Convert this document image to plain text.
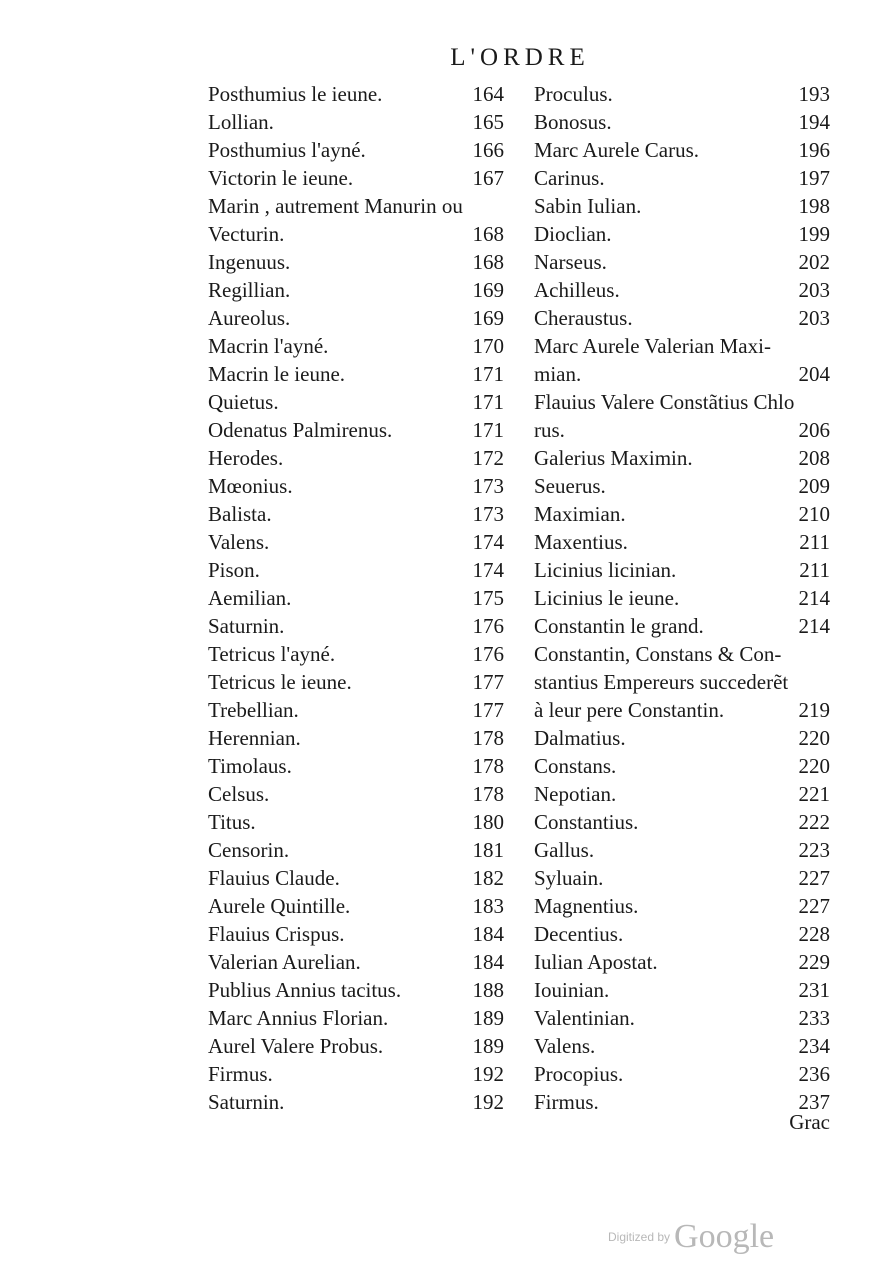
L'ORDRE
Posthumius le ieune.	164
Lollian.	165
Posthumius l'ayné.	166
Victorin le ieune.	167
Marin , autrement Manurin ou
Vecturin.	168
Ingenuus.	168
Regillian.	169
Aureolus.	169
Macrin l'ayné.	170
Macrin le ieune.	171
Quietus.	171
Odenatus Palmirenus.	171
Herodes.	172
Mœonius.	173
Balista.	173
Valens.	174
Pison.	174
Aemilian.	175
Saturnin.	176
Tetricus l'ayné.	176
Tetricus le ieune.	177
Trebellian.	177
Herennian.	178
Timolaus.	178
Celsus.	178
Titus.	180
Censorin.	181
Flauius Claude.	182
Aurele Quintille.	183
Flauius Crispus.	184
Valerian Aurelian.	184
Publius Annius tacitus.	188
Marc Annius Florian.	189
Aurel Valere Probus.	189
Firmus.	192
Saturnin.	192
Proculus.	193
Bonosus.	194
Marc Aurele Carus.	196
Carinus.	197
Sabin Iulian.	198
Dioclian.	199
Narseus.	202
Achilleus.	203
Cheraustus.	203
Marc Aurele Valerian Maxi-
mian.	204
Flauius Valere Constãtius Chlo
rus.	206
Galerius Maximin.	208
Seuerus.	209
Maximian.	210
Maxentius.	211
Licinius licinian.	211
Licinius le ieune.	214
Constantin le grand.	214
Constantin, Constans & Con-
stantius Empereurs succederẽt
à leur pere Constantin.	219
Dalmatius.	220
Constans.	220
Nepotian.	221
Constantius.	222
Gallus.	223
Syluain.	227
Magnentius.	227
Decentius.	228
Iulian Apostat.	229
Iouinian.	231
Valentinian.	233
Valens.	234
Procopius.	236
Firmus.	237
Grac
Digitized by Google
